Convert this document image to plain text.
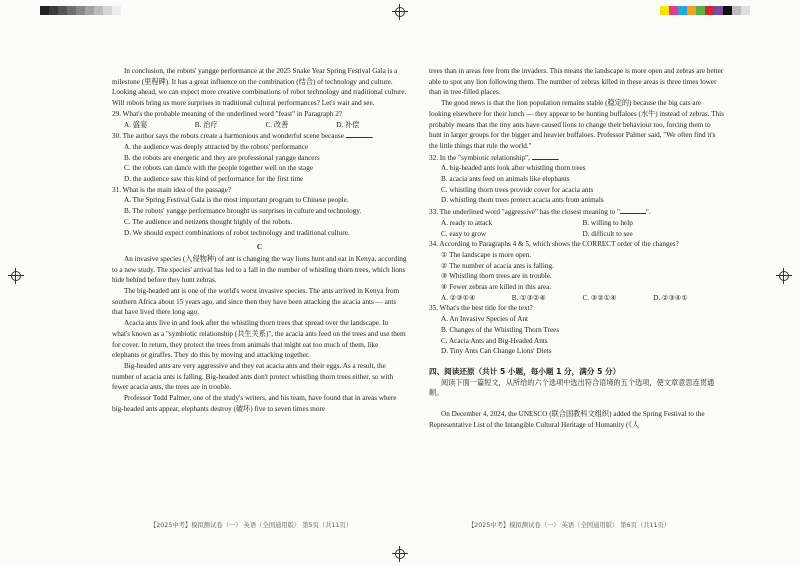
In conclusion, the robots' yangge performance at the 2025 Snake Year Spring Festival Gala is a milestone (里程碑). It has a great influence on the combination (结合) of technology and culture. Looking ahead, we can expect more creative combinations of robot technology and traditional culture. Will robots bring us more surprises in traditional cultural performances? Let's wait and see.

29. What's the probable meaning of the underlined word "feast" in Paragraph 2?

A. 盛宴	B. 治疗	C. 改善	D. 补偿

30. The author says the robots create a harmonious and wonderful scene because	.

A. the audience was deeply attracted by the robots' performance

B. the robots are energetic and they are professional yangge dancers

C. the robots can dance with the people together well on the stage

D. the audience saw this kind of performance for the first time

31. What is the main idea of the passage?

A. The Spring Festival Gala is the most important program to Chinese people.

B. The robots' yangge performance brought us surprises in culture and technology.

C. The audience and netizens thought highly of the robots.

D. We should expect combinations of robot technology and traditional culture.

C

An invasive species (入侵物种) of ant is changing the way lions hunt and eat in Kenya, according to a new study. The species' arrival has led to a fall in the number of whistling thorn trees, which lions hide behind before they hunt zebras.

The big-headed ant is one of the world's worst invasive species. The ants arrived in Kenya from southern Africa about 15 years ago, and since then they have been attacking the acacia ants — ants that have lived there long ago.

Acacia ants live in and look after the whistling thorn trees that spread over the landscape. In what's known as a "symbiotic relationship (共生关系)", the acacia ants feed on the trees and use them for cover. In return, they protect the trees from animals that might eat too much of them, like elephants or giraffes. They do this by moving and attacking together.

Big-headed ants are very aggressive and they eat acacia ants and their eggs. As a result, the number of acacia ants is falling. Big-headed ants don't protect whistling thorn trees either, so with fewer acacia ants, the trees are in trouble.

Professor Todd Palmer, one of the study's writers, and his team, have found that in areas where big-headed ants appear, elephants destroy (破坏) five to seven times more

trees than in areas free from the invaders. This means the landscape is more open and zebras are better able to spot any lion following them. The number of zebras killed in these areas is three times lower than in tree-filled places.

The good news is that the lion population remains stable (稳定的) because the big cats are looking elsewhere for their lunch — they appear to be hunting buffaloes (水牛) instead of zebras. This probably means that the tiny ants have caused lions to change their behaviour too, forcing them to hunt in larger groups for the bigger and heavier buffaloes. Professor Palmer said, "We often find it's the little things that rule the world."

32. In the "symbiotic relationship",	.

A. big-headed ants look after whistling thorn trees

B. acacia ants feed on animals like elephants

C. whistling thorn trees provide cover for acacia ants

D. whistling thorn trees protect acacia ants from animals

33. The underlined word "aggressive" has the closest meaning to "	".

A. ready to attack	B. willing to help
C. easy to grow	D. difficult to see

34. According to Paragraphs 4 & 5, which shows the CORRECT order of the changes?

① The landscape is more open.

② The number of acacia ants is falling.

③ Whistling thorn trees are in trouble.

④ Fewer zebras are killed in this area.

A. ②③①④	B. ①③②④	C. ③②①④	D. ②③④①

35. What's the best title for the text?

A. An Invasive Species of Ant

B. Changes of the Whistling Thorn Trees

C. Acacia Ants and Big-Headed Ants

D. Tiny Ants Can Change Lions' Diets

四、阅读还原（共计 5 小题，每小题 1 分，满分 5 分）

阅读下面一篇短文，从所给的六个选项中选出符合语境的五个选项，使文章意思连贯通顺。

On December 4, 2024, the UNESCO (联合国教科文组织) added the Spring Festival to the Representative List of the Intangible Cultural Heritage of Humanity (《人

【2025中考】模拟测试卷（一） 英语（全国通用版） 第5页（共11页）	【2025中考】模拟测试卷（一） 英语（全国通用版） 第6页（共11页）
